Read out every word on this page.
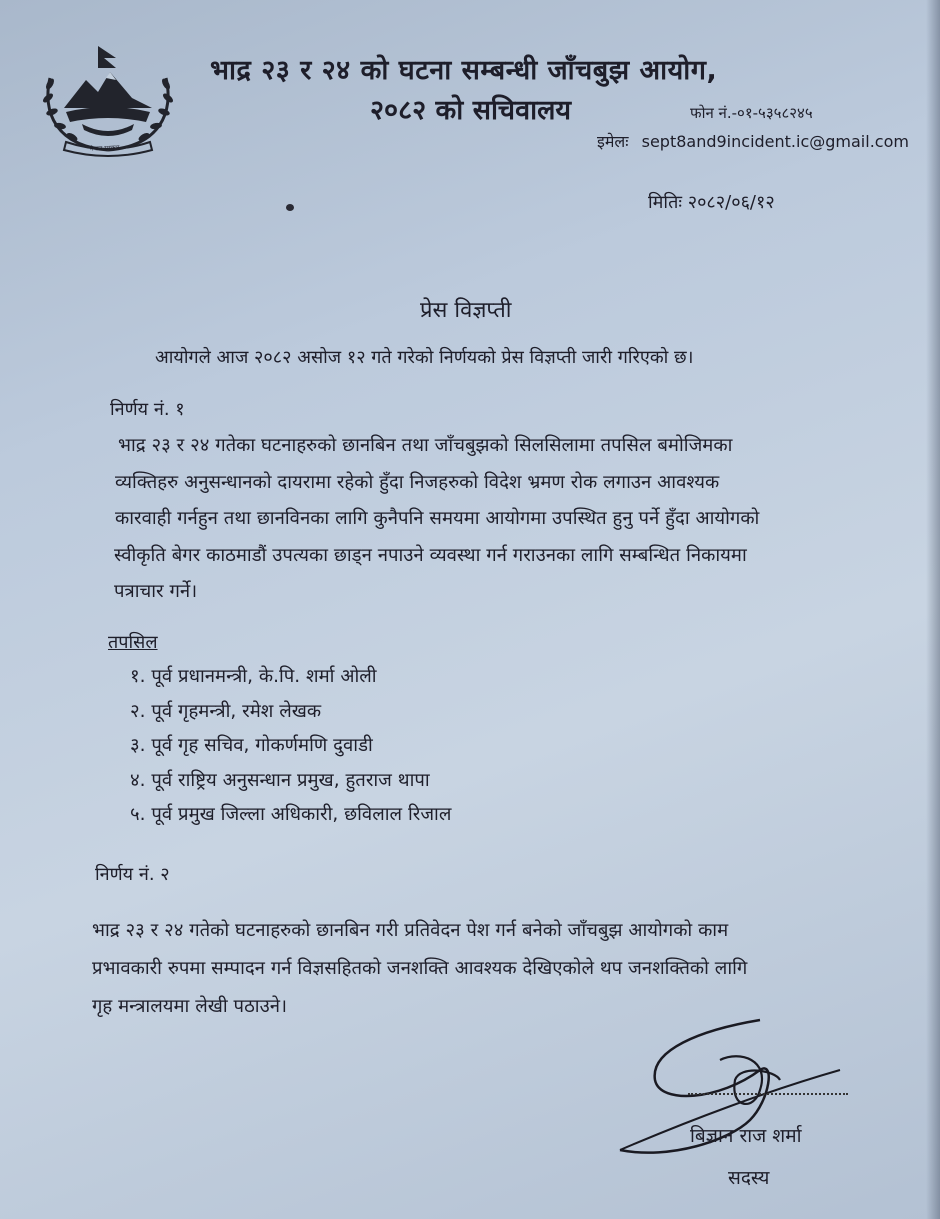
नेपाल सरकार
भाद्र २३ र २४ को घटना सम्बन्धी जाँचबुझ आयोग,
२०८२ को सचिवालय	फोन नं.-०१-५३५८२४५
इमेलः sept8and9incident.ic@gmail.com
मितिः २०८२/०६/१२
प्रेस विज्ञप्ती
आयोगले आज २०८२ असोज १२ गते गरेको निर्णयको प्रेस विज्ञप्ती जारी गरिएको छ।
निर्णय नं. १
भाद्र २३ र २४ गतेका घटनाहरुको छानबिन तथा जाँचबुझको सिलसिलामा तपसिल बमोजिमका
व्यक्तिहरु अनुसन्धानको दायरामा रहेको हुँदा निजहरुको विदेश भ्रमण रोक लगाउन आवश्यक
कारवाही गर्नहुन तथा छानविनका लागि कुनैपनि समयमा आयोगमा उपस्थित हुनु पर्ने हुँदा आयोगको
स्वीकृति बेगर काठमाडौं उपत्यका छाड्न नपाउने व्यवस्था गर्न गराउनका लागि सम्बन्धित निकायमा
पत्राचार गर्ने।
तपसिल
१. पूर्व प्रधानमन्त्री, के.पि. शर्मा ओली
२. पूर्व गृहमन्त्री, रमेश लेखक
३. पूर्व गृह सचिव, गोकर्णमणि दुवाडी
४. पूर्व राष्ट्रिय अनुसन्धान प्रमुख, हुतराज थापा
५. पूर्व प्रमुख जिल्ला अधिकारी, छविलाल रिजाल
निर्णय नं. २
भाद्र २३ र २४ गतेको घटनाहरुको छानबिन गरी प्रतिवेदन पेश गर्न बनेको जाँचबुझ आयोगको काम
प्रभावकारी रुपमा सम्पादन गर्न विज्ञसहितको जनशक्ति आवश्यक देखिएकोले थप जनशक्तिको लागि
गृह मन्त्रालयमा लेखी पठाउने।
बिज्ञान राज शर्मा
सदस्य
